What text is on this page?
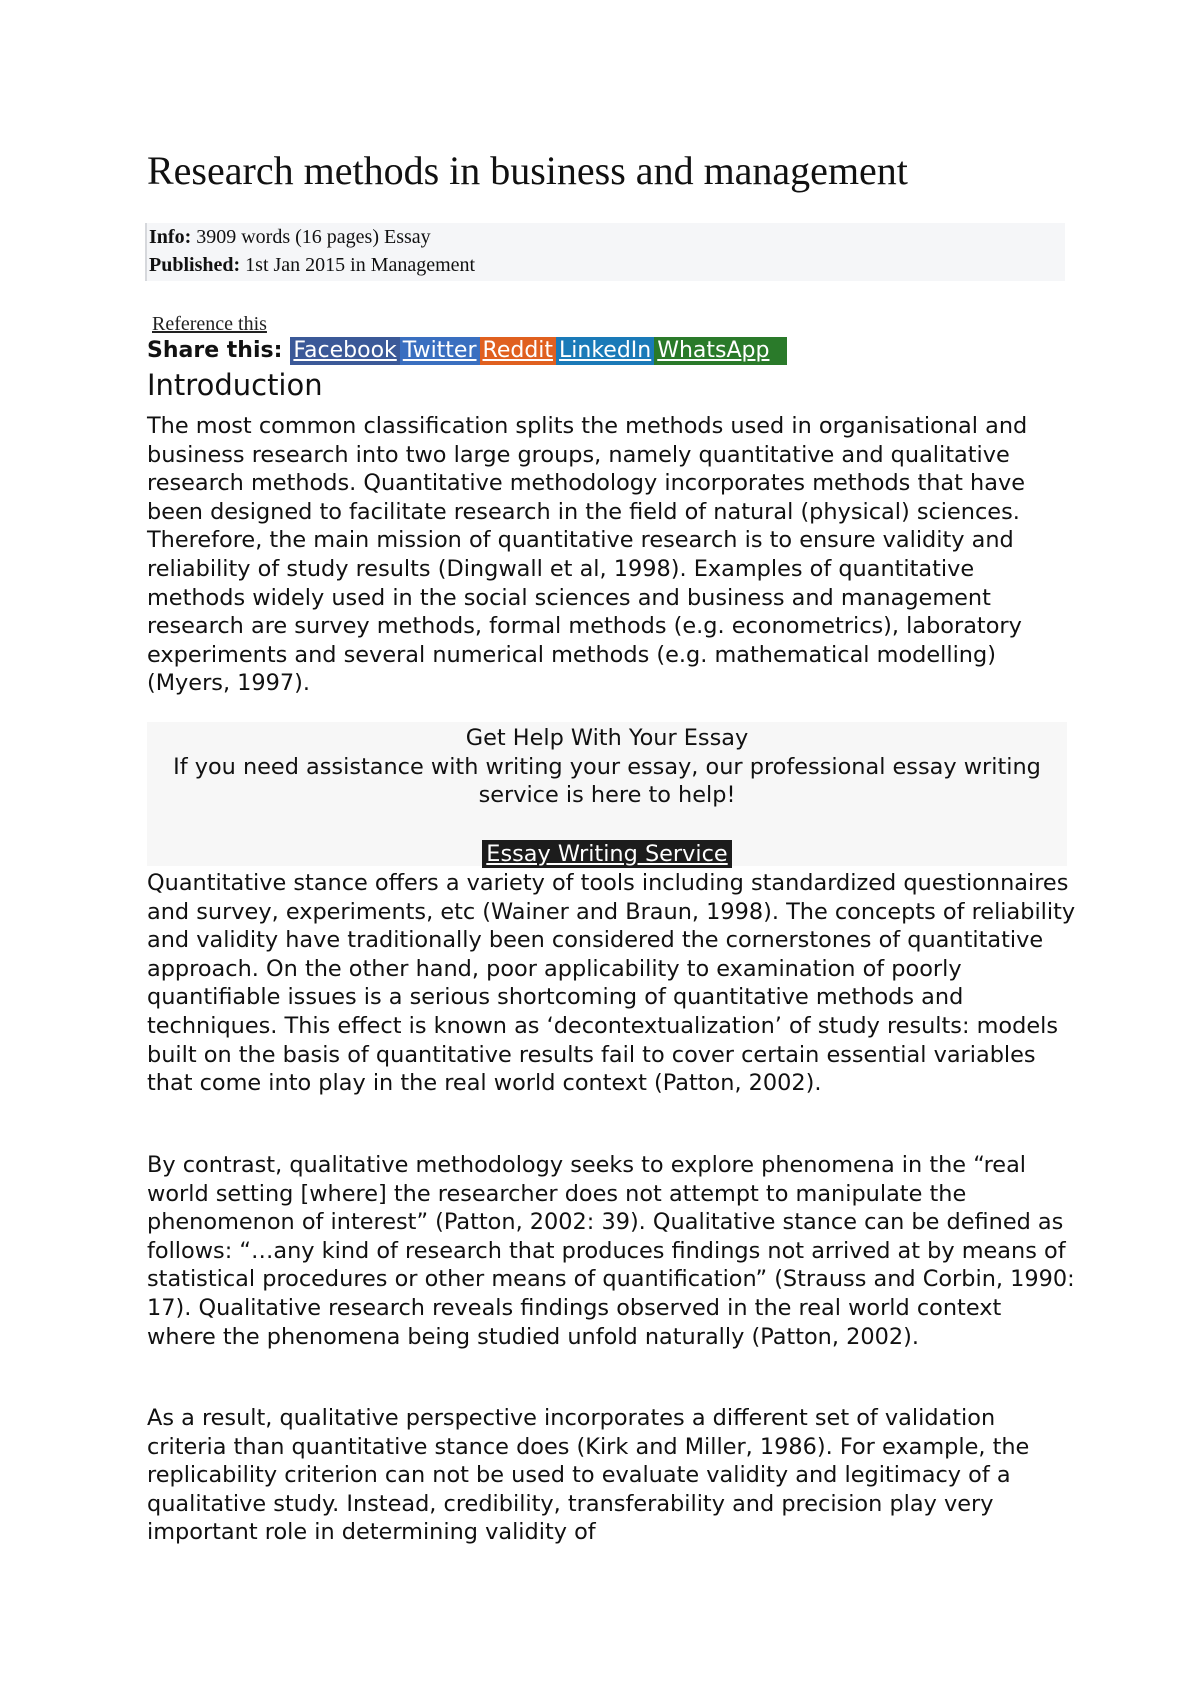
Research methods in business and management
Info: 3909 words (16 pages) Essay
Published: 1st Jan 2015 in Management
Reference this
Share this: Facebook Twitter Reddit LinkedIn WhatsApp
Introduction

The most common classification splits the methods used in organisational and business research into two large groups, namely quantitative and qualitative research methods. Quantitative methodology incorporates methods that have been designed to facilitate research in the field of natural (physical) sciences. Therefore, the main mission of quantitative research is to ensure validity and reliability of study results (Dingwall et al, 1998). Examples of quantitative methods widely used in the social sciences and business and management research are survey methods, formal methods (e.g. econometrics), laboratory experiments and several numerical methods (e.g. mathematical modelling) (Myers, 1997).

Get Help With Your Essay
If you need assistance with writing your essay, our professional essay writing service is here to help!
Essay Writing Service

Quantitative stance offers a variety of tools including standardized questionnaires and survey, experiments, etc (Wainer and Braun, 1998). The concepts of reliability and validity have traditionally been considered the cornerstones of quantitative approach. On the other hand, poor applicability to examination of poorly quantifiable issues is a serious shortcoming of quantitative methods and techniques. This effect is known as ‘decontextualization’ of study results: models built on the basis of quantitative results fail to cover certain essential variables that come into play in the real world context (Patton, 2002).

By contrast, qualitative methodology seeks to explore phenomena in the “real world setting [where] the researcher does not attempt to manipulate the phenomenon of interest” (Patton, 2002: 39). Qualitative stance can be defined as follows: “…any kind of research that produces findings not arrived at by means of statistical procedures or other means of quantification” (Strauss and Corbin, 1990: 17). Qualitative research reveals findings observed in the real world context where the phenomena being studied unfold naturally (Patton, 2002).

As a result, qualitative perspective incorporates a different set of validation criteria than quantitative stance does (Kirk and Miller, 1986). For example, the replicability criterion can not be used to evaluate validity and legitimacy of a qualitative study. Instead, credibility, transferability and precision play very important role in determining validity of
